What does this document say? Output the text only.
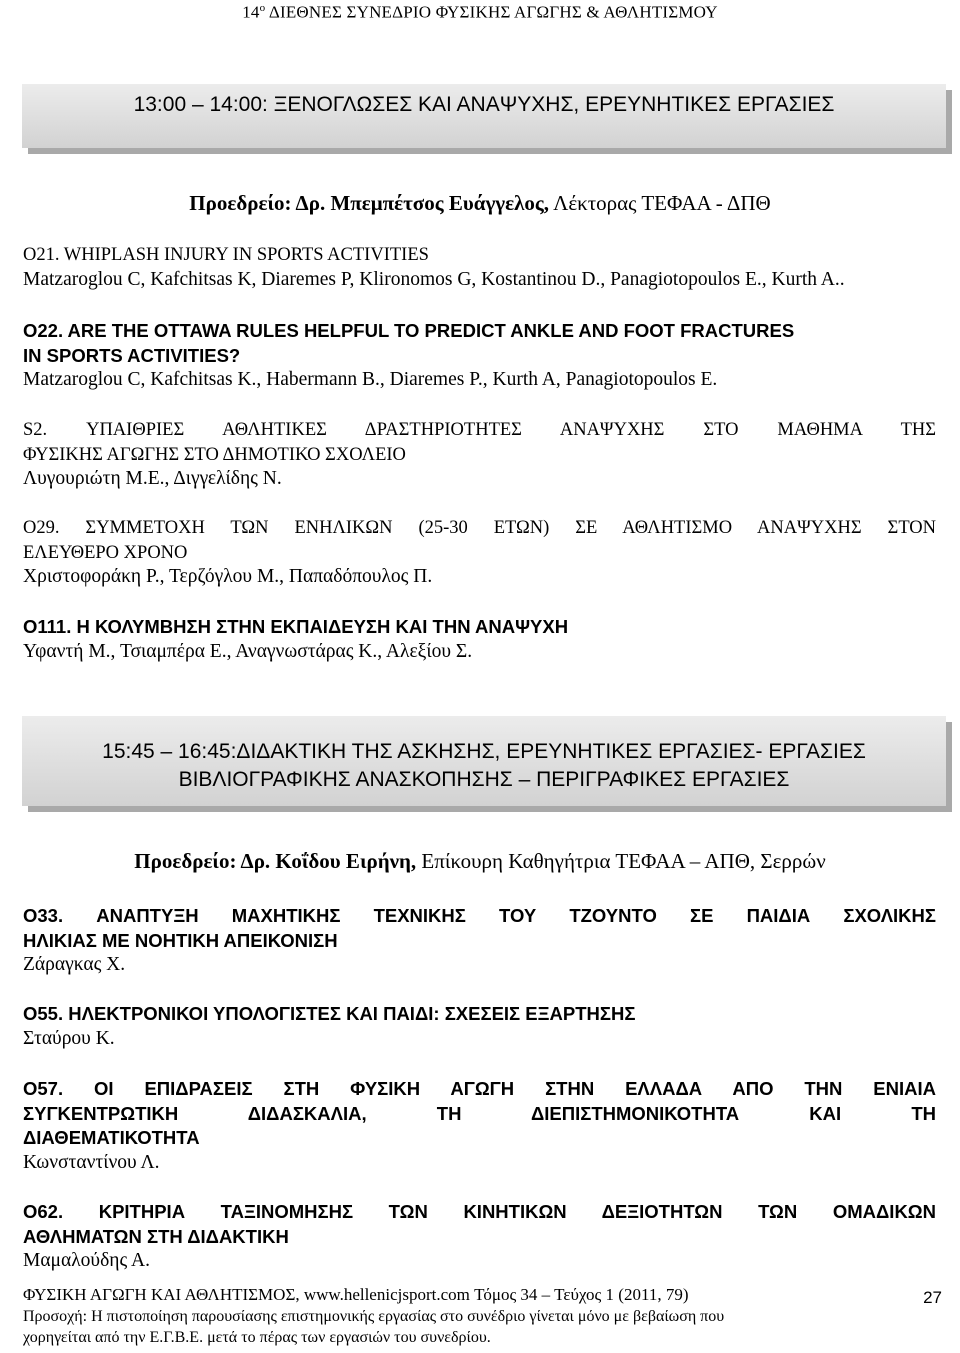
$14^o$ ΔΙΕΘΝΕΣ ΣΥΝΕΔΡΙΟ ΦΥΣΙΚΗΣ ΑΓΩΓΗΣ & ΑΘΛΗΤΙΣΜΟΥ
13:00 – 14:00: ΞΕΝΟΓΛΩΣΕΣ ΚΑΙ ΑΝΑΨΥΧΗΣ, ΕΡΕΥΝΗΤΙΚΕΣ ΕΡΓΑΣΙΕΣ
Προεδρείο: Δρ. Μπεμπέτσος Ευάγγελος, Λέκτορας ΤΕΦΑΑ - ΔΠΘ
O21. WHIPLASH INJURY IN SPORTS ACTIVITIES
Matzaroglou C, Kafchitsas K, Diaremes P, Klironomos G, Kostantinou D., Panagiotopoulos E., Kurth A..
O22. ARE THE OTTAWA RULES HELPFUL TO PREDICT ANKLE AND FOOT FRACTURES
IN SPORTS ACTIVITIES?
Matzaroglou C, Kafchitsas K., Habermann B., Diaremes P., Kurth A, Panagiotopoulos E.
S2. ΥΠΑΙΘΡΙΕΣ ΑΘΛΗΤΙΚΕΣ ΔΡΑΣΤΗΡΙΟΤΗΤΕΣ ΑΝΑΨΥΧΗΣ ΣΤΟ ΜΑΘΗΜΑ ΤΗΣ
ΦΥΣΙΚΗΣ ΑΓΩΓΗΣ ΣΤΟ ΔΗΜΟΤΙΚΟ ΣΧΟΛΕΙΟ
Λυγουριώτη Μ.Ε., Διγγελίδης Ν.
O29. ΣΥΜΜΕΤΟΧΗ ΤΩΝ ΕΝΗΛΙΚΩΝ (25-30 ΕΤΩΝ) ΣΕ ΑΘΛΗΤΙΣΜΟ ΑΝΑΨΥΧΗΣ ΣΤΟΝ
ΕΛΕΥΘΕΡΟ ΧΡΟΝΟ
Χριστοφοράκη Ρ., Τερζόγλου Μ., Παπαδόπουλος Π.
O111. Η ΚΟΛΥΜΒΗΣΗ ΣΤΗΝ ΕΚΠΑΙΔΕΥΣΗ ΚΑΙ ΤΗΝ ΑΝΑΨΥΧΗ
Υφαντή Μ., Τσιαμπέρα Ε., Αναγνωστάρας Κ., Αλεξίου Σ.
15:45 – 16:45:ΔΙΔΑΚΤΙΚΗ ΤΗΣ ΑΣΚΗΣΗΣ, ΕΡΕΥΝΗΤΙΚΕΣ ΕΡΓΑΣΙΕΣ- ΕΡΓΑΣΙΕΣ
ΒΙΒΛΙΟΓΡΑΦΙΚΗΣ ΑΝΑΣΚΟΠΗΣΗΣ – ΠΕΡΙΓΡΑΦΙΚΕΣ ΕΡΓΑΣΙΕΣ
Προεδρείο: Δρ. Κοΐδου Ειρήνη, Επίκουρη Καθηγήτρια ΤΕΦΑΑ – ΑΠΘ, Σερρών
O33. ΑΝΑΠΤΥΞΗ ΜΑΧΗΤΙΚΗΣ ΤΕΧΝΙΚΗΣ ΤΟΥ ΤΖΟΥΝΤΟ ΣΕ ΠΑΙΔΙΑ ΣΧΟΛΙΚΗΣ
ΗΛΙΚΙΑΣ ΜΕ ΝΟΗΤΙΚΗ ΑΠΕΙΚΟΝΙΣΗ
Ζάραγκας Χ.
O55. ΗΛΕΚΤΡΟΝΙΚΟΙ ΥΠΟΛΟΓΙΣΤΕΣ ΚΑΙ ΠΑΙΔΙ: ΣΧΕΣΕΙΣ ΕΞΑΡΤΗΣΗΣ
Σταύρου Κ.
O57. ΟΙ ΕΠΙΔΡΑΣΕΙΣ ΣΤΗ ΦΥΣΙΚΗ ΑΓΩΓΗ ΣΤΗΝ ΕΛΛΑΔΑ ΑΠΟ ΤΗΝ ΕΝΙΑΙΑ
ΣΥΓΚΕΝΤΡΩΤΙΚΗ ΔΙΔΑΣΚΑΛΙΑ, ΤΗ ΔΙΕΠΙΣΤΗΜΟΝΙΚΟΤΗΤΑ ΚΑΙ ΤΗ
ΔΙΑΘΕΜΑΤΙΚΟΤΗΤΑ
Κωνσταντίνου Λ.
O62. ΚΡΙΤΗΡΙΑ ΤΑΞΙΝΟΜΗΣΗΣ ΤΩΝ ΚΙΝΗΤΙΚΩΝ ΔΕΞΙΟΤΗΤΩΝ ΤΩΝ ΟΜΑΔΙΚΩΝ
ΑΘΛΗΜΑΤΩΝ ΣΤΗ ΔΙΔΑΚΤΙΚΗ
Μαμαλούδης Α.
ΦΥΣΙΚΗ ΑΓΩΓΗ ΚΑΙ ΑΘΛΗΤΙΣΜΟΣ, www.hellenicjsport.com Τόμος 34 – Τεύχος 1 (2011, 79)
Προσοχή: Η πιστοποίηση παρουσίασης επιστημονικής εργασίας στο συνέδριο γίνεται μόνο με βεβαίωση που
χορηγείται από την Ε.Γ.Β.Ε. μετά το πέρας των εργασιών του συνεδρίου.
27
